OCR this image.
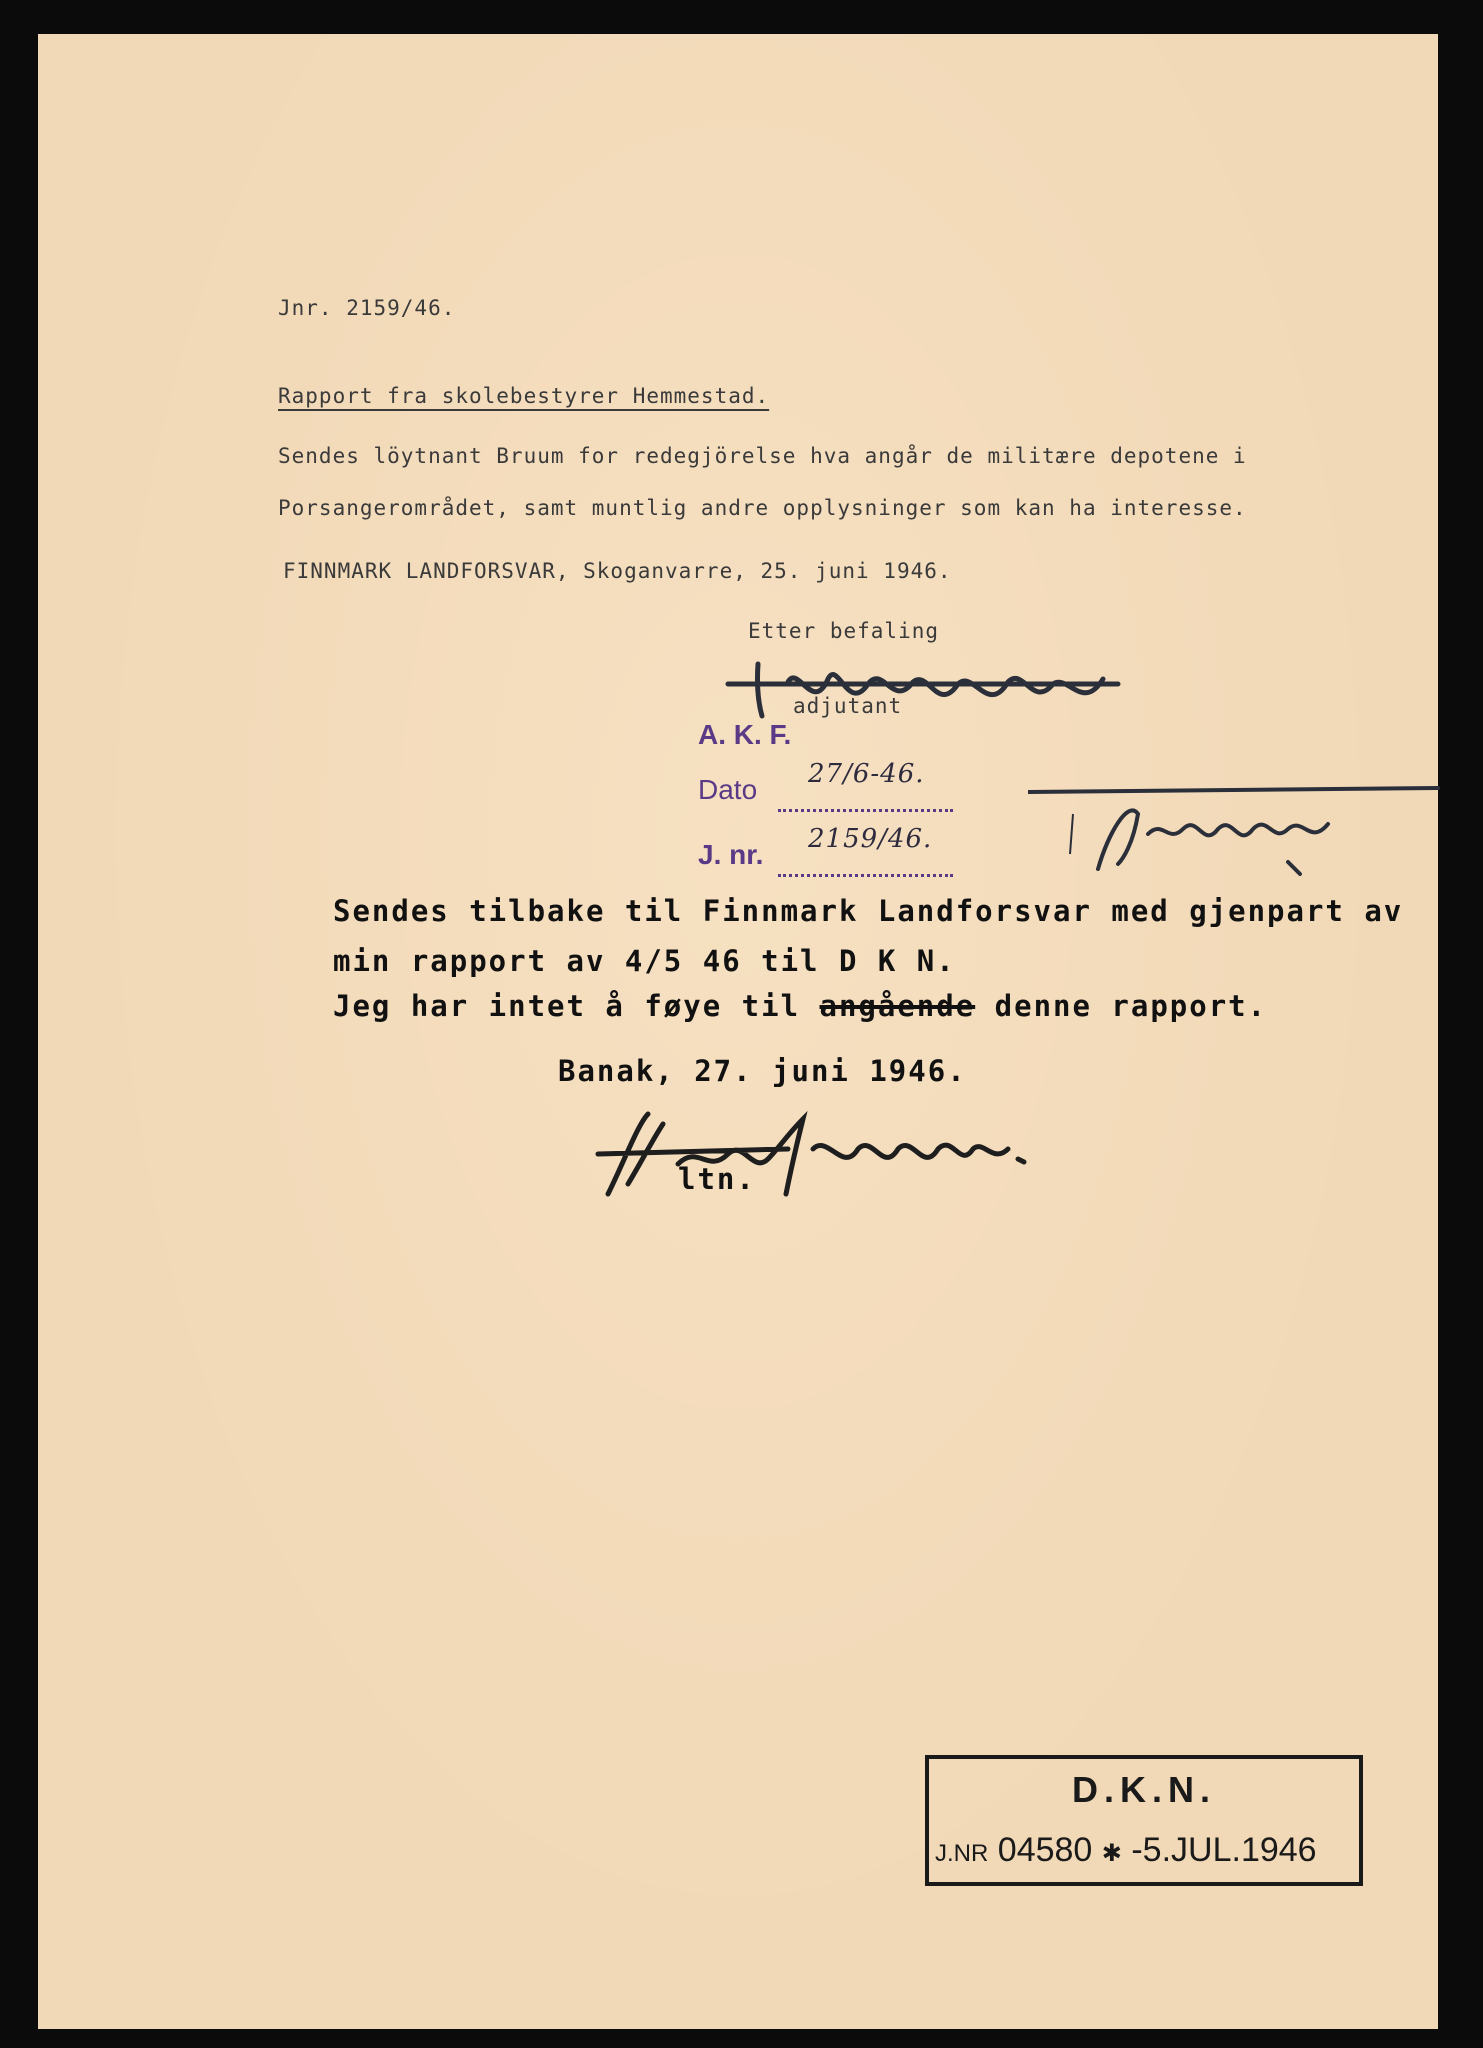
Jnr. 2159/46.
Rapport fra skolebestyrer Hemmestad.
Sendes löytnant Bruum for redegjörelse hva angår de militære depotene i
Porsangerområdet, samt muntlig andre opplysninger som kan ha interesse.
FINNMARK LANDFORSVAR, Skoganvarre, 25. juni 1946.
Etter befaling
adjutant
A. K. F.
Dato 27/6-46.
J. nr. 2159/46.
Sendes tilbake til Finnmark Landforsvar med gjenpart av
min rapport av 4/5 46 til D K N.
Jeg har intet å føye til angående denne rapport.
Banak, 27. juni 1946.
ltn.
D.K.N.
J.NR 04580 ✱ -5.JUL.1946
